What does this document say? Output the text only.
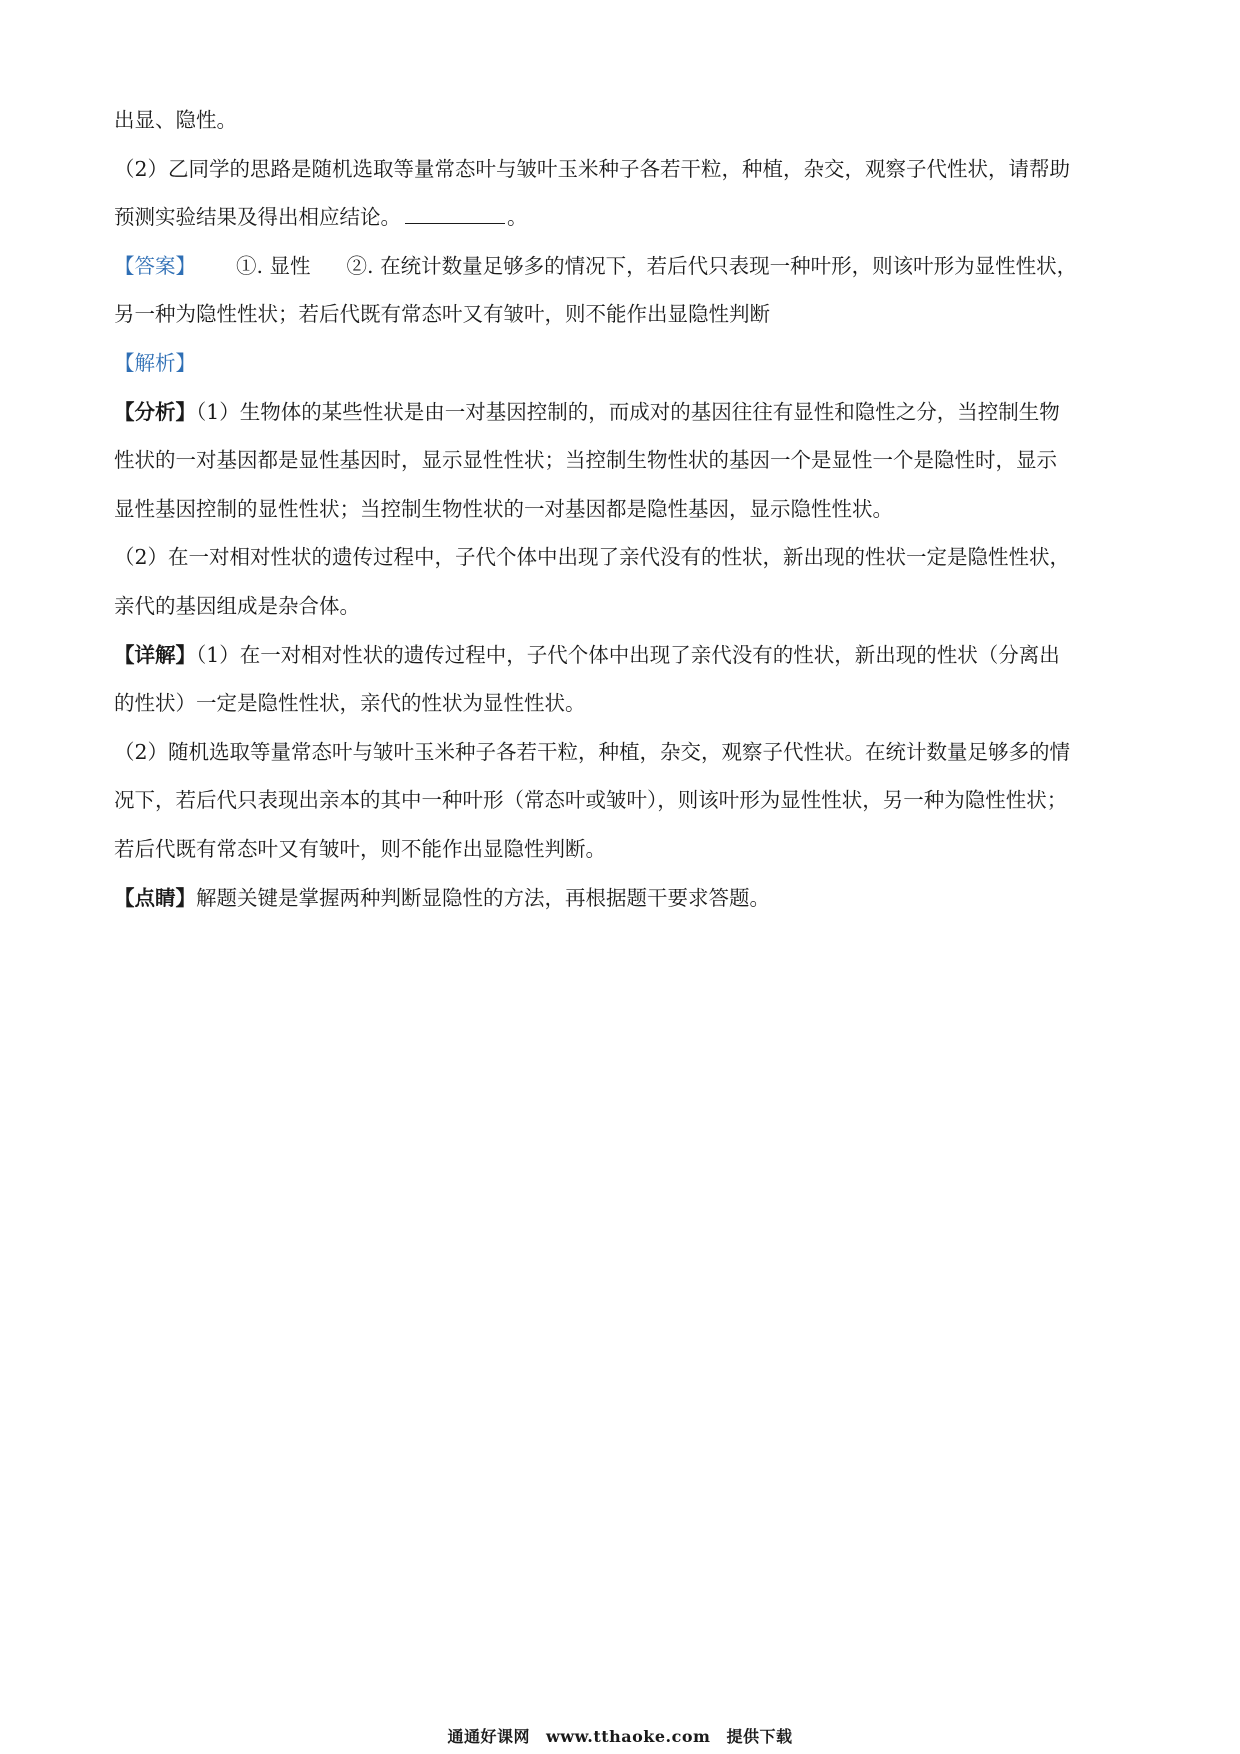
出显、隐性。
（2）乙同学的思路是随机选取等量常态叶与皱叶玉米种子各若干粒，种植，杂交，观察子代性状，请帮助
预测实验结果及得出相应结论。	。
【答案】 ①. 显性 ②. 在统计数量足够多的情况下，若后代只表现一种叶形，则该叶形为显性性状，
另一种为隐性性状；若后代既有常态叶又有皱叶，则不能作出显隐性判断
【解析】
【分析】（1）生物体的某些性状是由一对基因控制的，而成对的基因往往有显性和隐性之分，当控制生物
性状的一对基因都是显性基因时，显示显性性状；当控制生物性状的基因一个是显性一个是隐性时，显示
显性基因控制的显性性状；当控制生物性状的一对基因都是隐性基因，显示隐性性状。
（2）在一对相对性状的遗传过程中，子代个体中出现了亲代没有的性状，新出现的性状一定是隐性性状，
亲代的基因组成是杂合体。
【详解】（1）在一对相对性状的遗传过程中，子代个体中出现了亲代没有的性状，新出现的性状（分离出
的性状）一定是隐性性状，亲代的性状为显性性状。
（2）随机选取等量常态叶与皱叶玉米种子各若干粒，种植，杂交，观察子代性状。在统计数量足够多的情
况下，若后代只表现出亲本的其中一种叶形（常态叶或皱叶），则该叶形为显性性状，另一种为隐性性状；
若后代既有常态叶又有皱叶，则不能作出显隐性判断。
【点睛】解题关键是掌握两种判断显隐性的方法，再根据题干要求答题。
通通好课网 www.tthaoke.com 提供下载
